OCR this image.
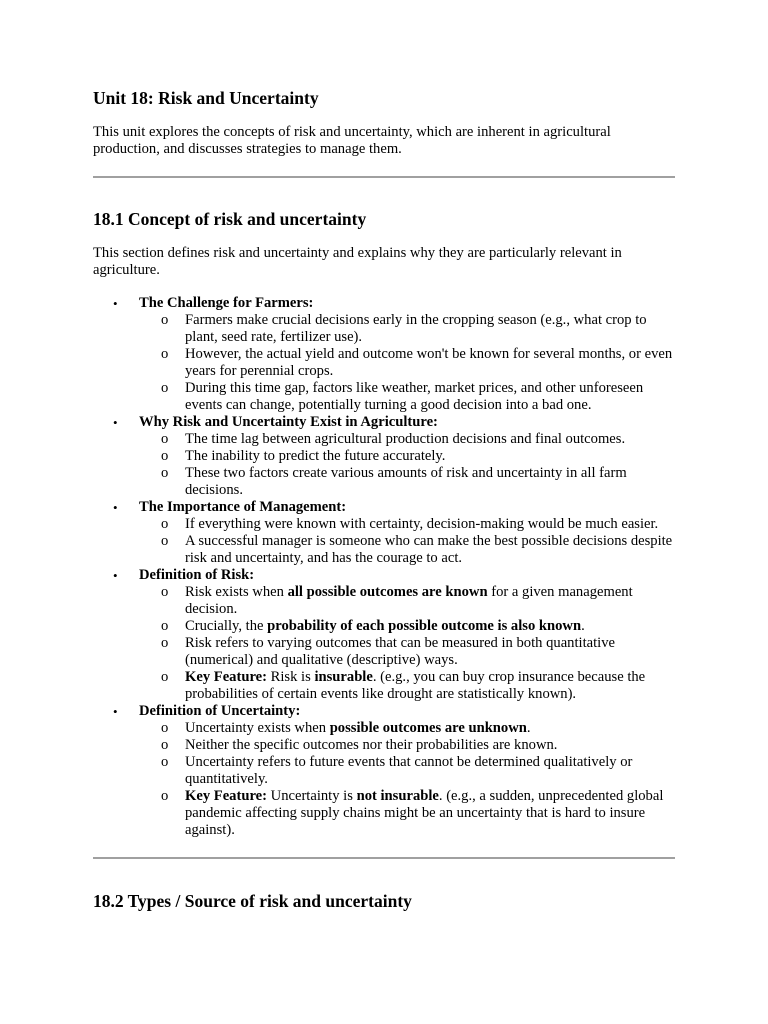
Unit 18: Risk and Uncertainty

This unit explores the concepts of risk and uncertainty, which are inherent in agricultural production, and discusses strategies to manage them.

18.1 Concept of risk and uncertainty

This section defines risk and uncertainty and explains why they are particularly relevant in agriculture.

• The Challenge for Farmers:
o Farmers make crucial decisions early in the cropping season (e.g., what crop to plant, seed rate, fertilizer use).
o However, the actual yield and outcome won't be known for several months, or even years for perennial crops.
o During this time gap, factors like weather, market prices, and other unforeseen events can change, potentially turning a good decision into a bad one.
• Why Risk and Uncertainty Exist in Agriculture:
o The time lag between agricultural production decisions and final outcomes.
o The inability to predict the future accurately.
o These two factors create various amounts of risk and uncertainty in all farm decisions.
• The Importance of Management:
o If everything were known with certainty, decision-making would be much easier.
o A successful manager is someone who can make the best possible decisions despite risk and uncertainty, and has the courage to act.
• Definition of Risk:
o Risk exists when all possible outcomes are known for a given management decision.
o Crucially, the probability of each possible outcome is also known.
o Risk refers to varying outcomes that can be measured in both quantitative (numerical) and qualitative (descriptive) ways.
o Key Feature: Risk is insurable. (e.g., you can buy crop insurance because the probabilities of certain events like drought are statistically known).
• Definition of Uncertainty:
o Uncertainty exists when possible outcomes are unknown.
o Neither the specific outcomes nor their probabilities are known.
o Uncertainty refers to future events that cannot be determined qualitatively or quantitatively.
o Key Feature: Uncertainty is not insurable. (e.g., a sudden, unprecedented global pandemic affecting supply chains might be an uncertainty that is hard to insure against).
18.2 Types / Source of risk and uncertainty
